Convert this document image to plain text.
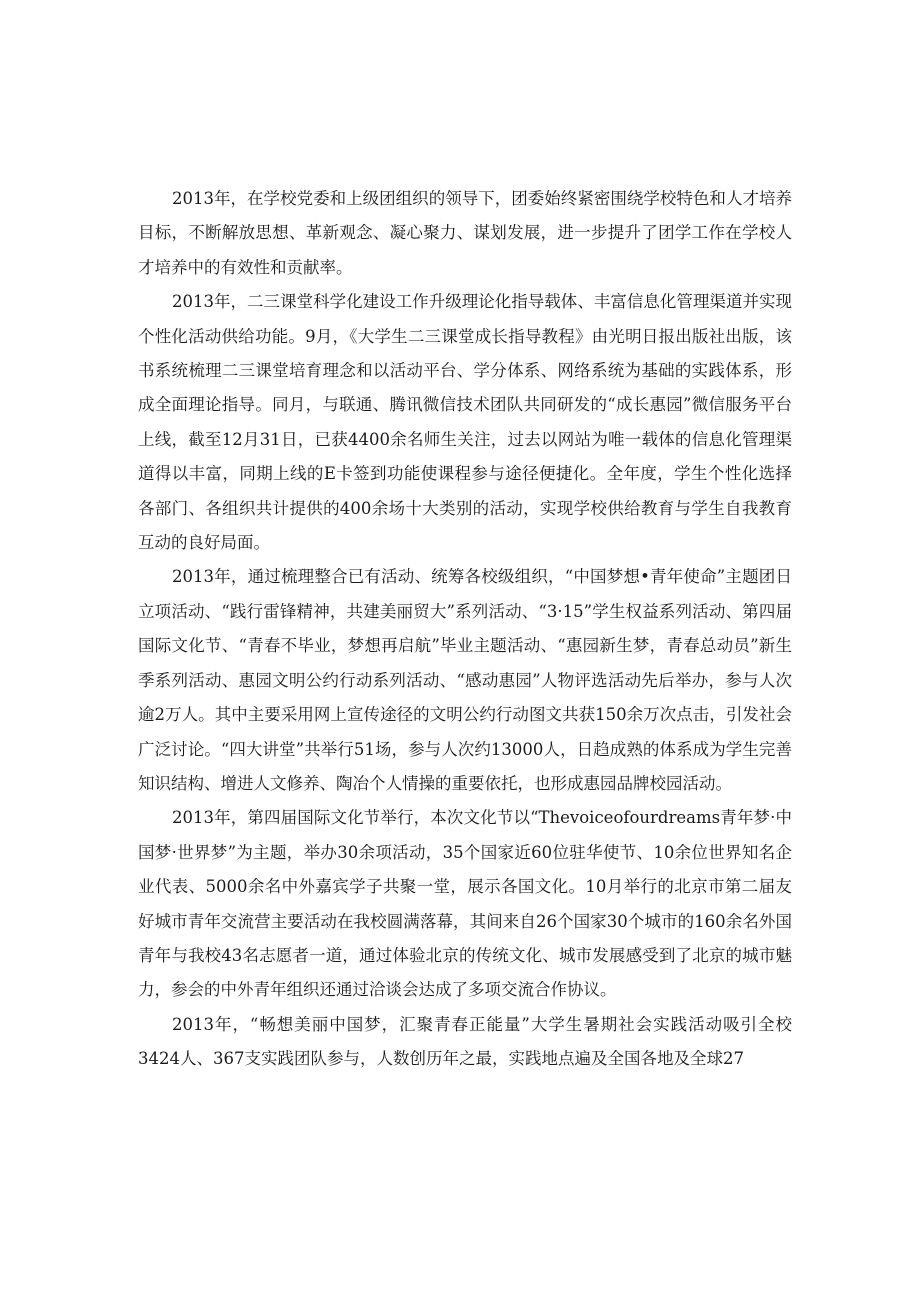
2013年，在学校党委和上级团组织的领导下，团委始终紧密围绕学校特色和人才培养目标，不断解放思想、革新观念、凝心聚力、谋划发展，进一步提升了团学工作在学校人才培养中的有效性和贡献率。

2013年，二三课堂科学化建设工作升级理论化指导载体、丰富信息化管理渠道并实现个性化活动供给功能。9月，《大学生二三课堂成长指导教程》由光明日报出版社出版，该书系统梳理二三课堂培育理念和以活动平台、学分体系、网络系统为基础的实践体系，形成全面理论指导。同月，与联通、腾讯微信技术团队共同研发的“成长惠园”微信服务平台上线，截至12月31日，已获4400余名师生关注，过去以网站为唯一载体的信息化管理渠道得以丰富，同期上线的E卡签到功能使课程参与途径便捷化。全年度，学生个性化选择各部门、各组织共计提供的400余场十大类别的活动，实现学校供给教育与学生自我教育互动的良好局面。

2013年，通过梳理整合已有活动、统筹各校级组织，“中国梦想•青年使命”主题团日立项活动、“践行雷锋精神，共建美丽贸大”系列活动、“3·15”学生权益系列活动、第四届国际文化节、“青春不毕业，梦想再启航”毕业主题活动、“惠园新生梦，青春总动员”新生季系列活动、惠园文明公约行动系列活动、“感动惠园”人物评选活动先后举办，参与人次逾2万人。其中主要采用网上宣传途径的文明公约行动图文共获150余万次点击，引发社会广泛讨论。“四大讲堂”共举行51场，参与人次约13000人，日趋成熟的体系成为学生完善知识结构、增进人文修养、陶冶个人情操的重要依托，也形成惠园品牌校园活动。

2013年，第四届国际文化节举行，本次文化节以“Thevoiceofourdreams青年梦·中国梦·世界梦”为主题，举办30余项活动，35个国家近60位驻华使节、10余位世界知名企业代表、5000余名中外嘉宾学子共聚一堂，展示各国文化。10月举行的北京市第二届友好城市青年交流营主要活动在我校圆满落幕，其间来自26个国家30个城市的160余名外国青年与我校43名志愿者一道，通过体验北京的传统文化、城市发展感受到了北京的城市魅力，参会的中外青年组织还通过洽谈会达成了多项交流合作协议。

2013年，“畅想美丽中国梦，汇聚青春正能量”大学生暑期社会实践活动吸引全校3424人、367支实践团队参与，人数创历年之最，实践地点遍及全国各地及全球27
